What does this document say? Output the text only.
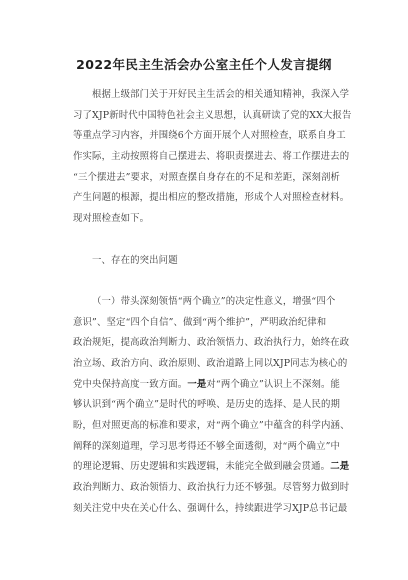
2022年民主生活会办公室主任个人发言提纲
根据上级部门关于开好民主生活会的相关通知精神，我深入学
习了XJP新时代中国特色社会主义思想，认真研读了党的XX大报告
等重点学习内容，并围绕6个方面开展个人对照检查，联系自身工
作实际，主动按照将自己摆进去、将职责摆进去、将工作摆进去的
“三个摆进去”要求，对照查摆自身存在的不足和差距，深刻剖析
产生问题的根源，提出相应的整改措施，形成个人对照检查材料。
现对照检查如下。
一、存在的突出问题
（一）带头深刻领悟“两个确立”的决定性意义，增强“四个
意识”、坚定“四个自信”、做到“两个维护”，严明政治纪律和
政治规矩，提高政治判断力、政治领悟力、政治执行力，始终在政
治立场、政治方向、政治原则、政治道路上同以XJP同志为核心的
党中央保持高度一致方面。一是对“两个确立”认识上不深刻。能
够认识到“两个确立”是时代的呼唤、是历史的选择、是人民的期
盼，但对照更高的标准和要求，对“两个确立”中蕴含的科学内涵、
阐释的深刻道理，学习思考得还不够全面透彻，对“两个确立”中
的理论逻辑、历史逻辑和实践逻辑，未能完全做到融会贯通。二是
政治判断力、政治领悟力、政治执行力还不够强。尽管努力做到时
刻关注党中央在关心什么、强调什么，持续跟进学习XJP总书记最
